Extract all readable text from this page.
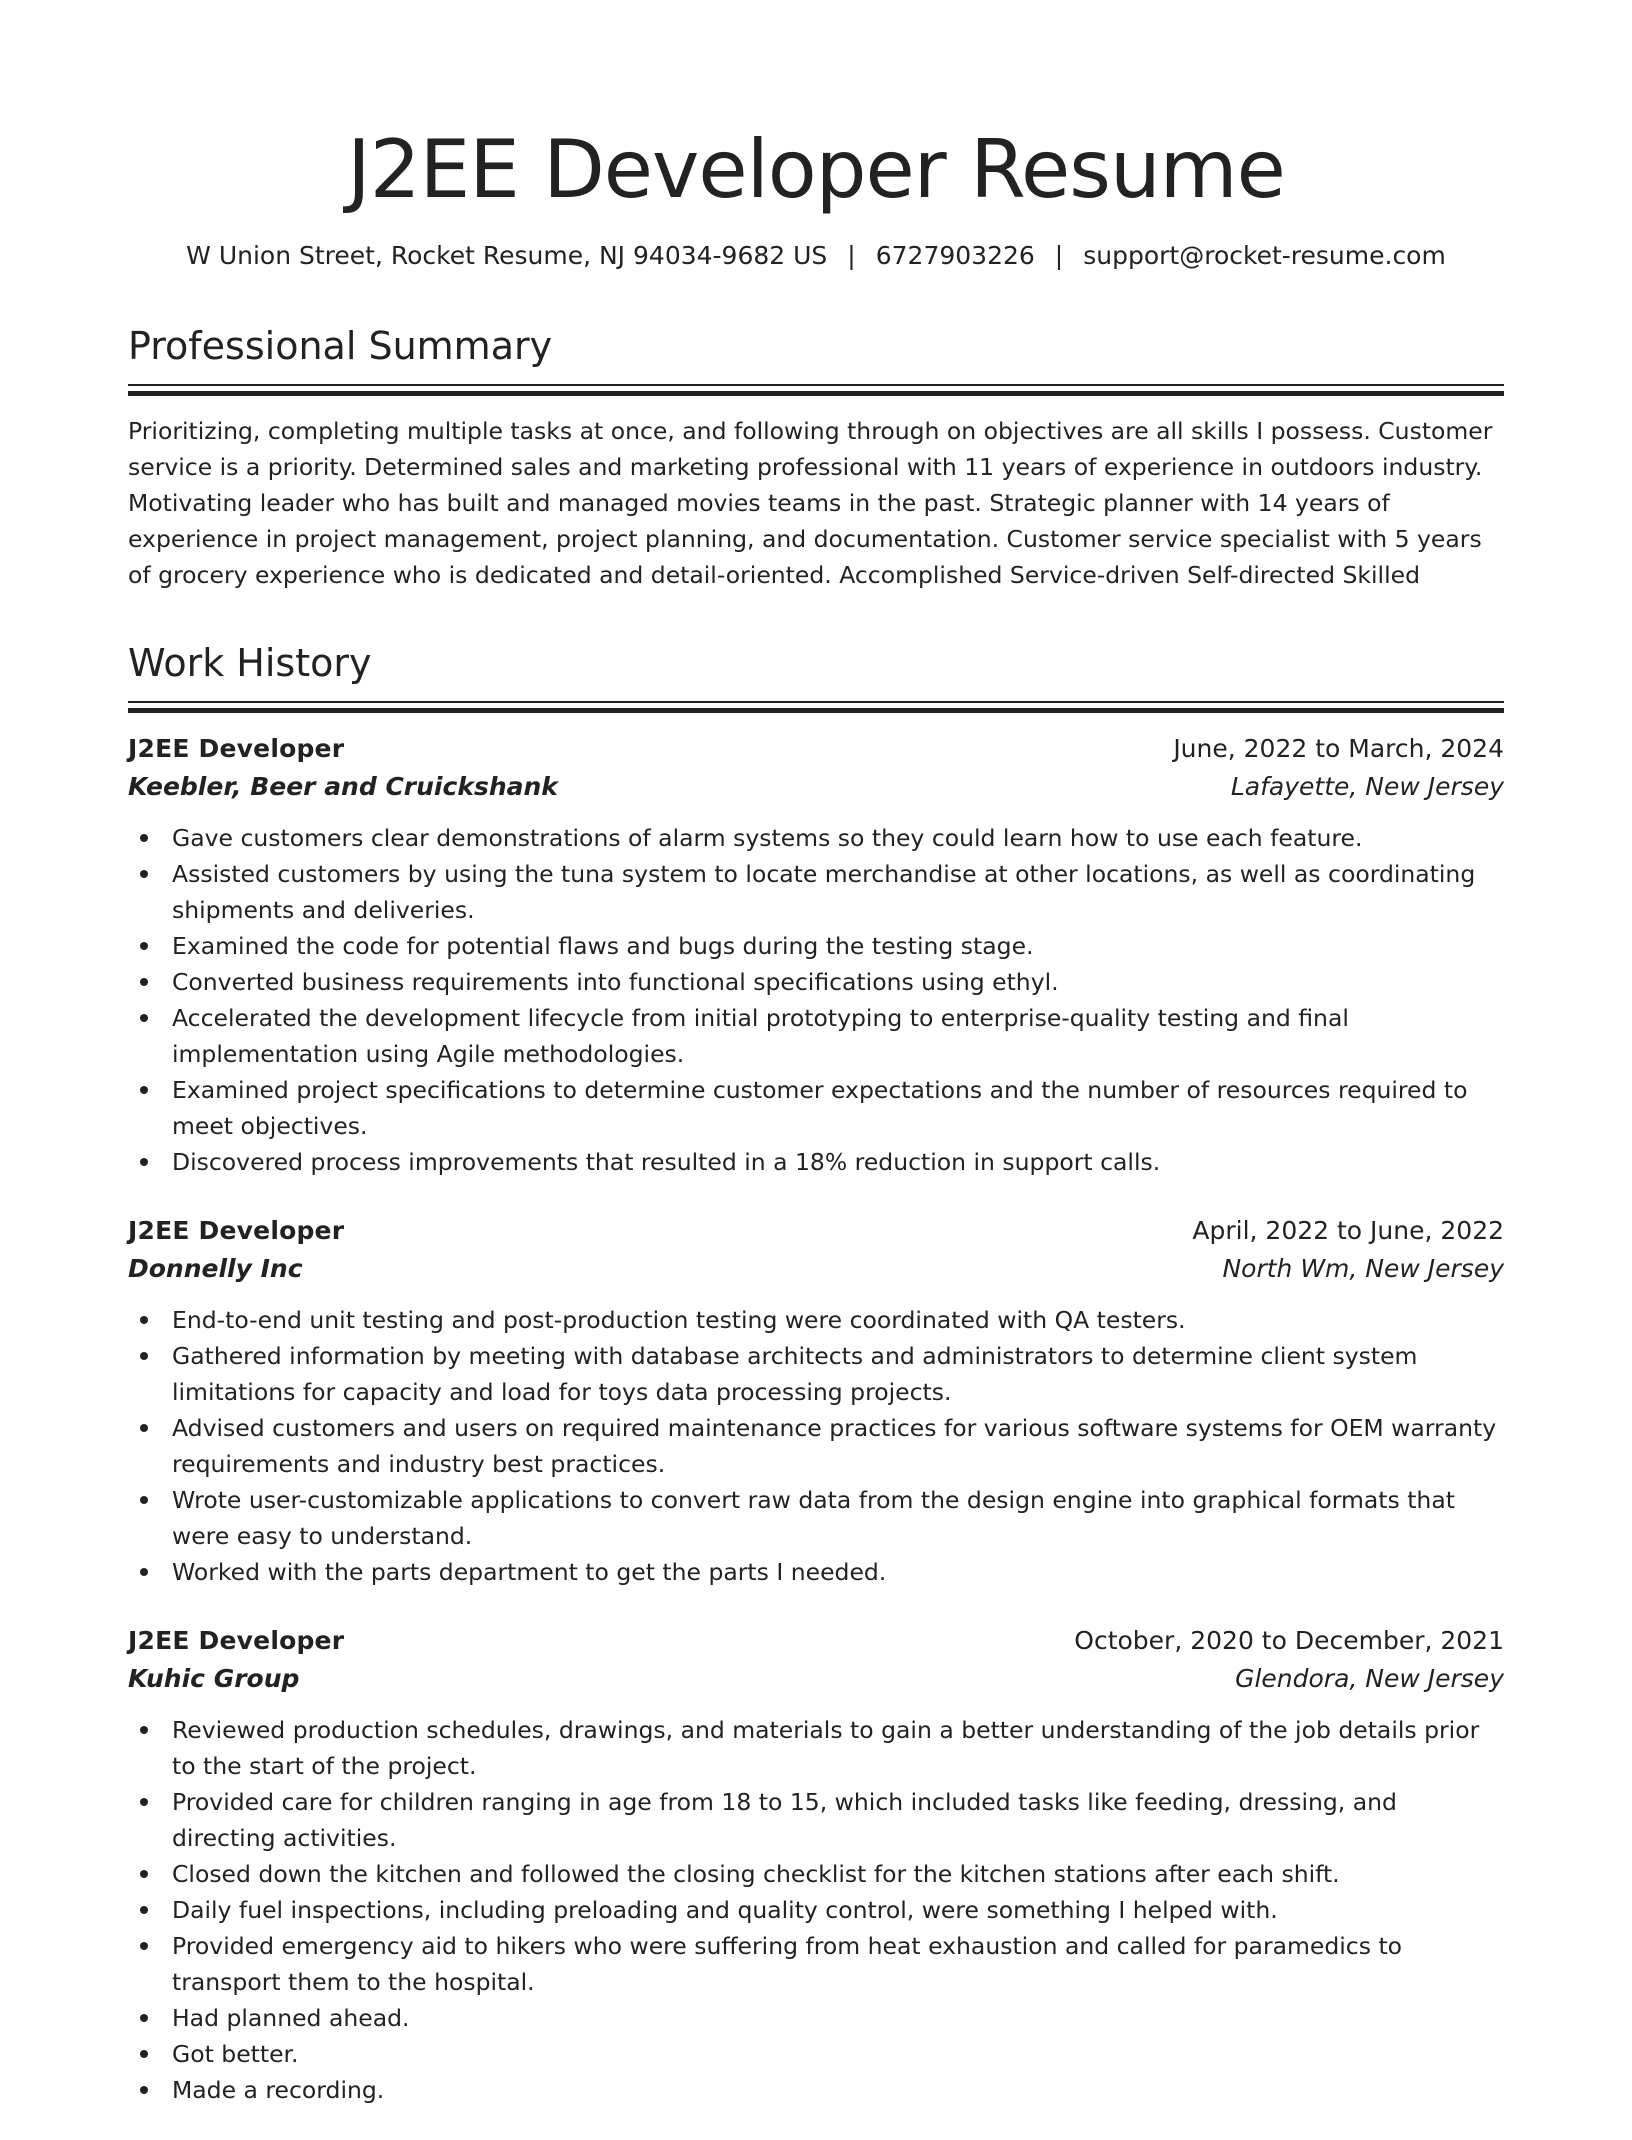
J2EE Developer Resume
W Union Street, Rocket Resume, NJ 94034-9682 US | 6727903226 | support@rocket-resume.com
Professional Summary

Prioritizing, completing multiple tasks at once, and following through on objectives are all skills I possess. Customer service is a priority. Determined sales and marketing professional with 11 years of experience in outdoors industry. Motivating leader who has built and managed movies teams in the past. Strategic planner with 14 years of experience in project management, project planning, and documentation. Customer service specialist with 5 years of grocery experience who is dedicated and detail-oriented. Accomplished Service-driven Self-directed Skilled

Work History
J2EE Developer	June, 2022 to March, 2024
Keebler, Beer and Cruickshank	Lafayette, New Jersey
Gave customers clear demonstrations of alarm systems so they could learn how to use each feature.
Assisted customers by using the tuna system to locate merchandise at other locations, as well as coordinating shipments and deliveries.
Examined the code for potential flaws and bugs during the testing stage.
Converted business requirements into functional specifications using ethyl.
Accelerated the development lifecycle from initial prototyping to enterprise-quality testing and final implementation using Agile methodologies.
Examined project specifications to determine customer expectations and the number of resources required to meet objectives.
Discovered process improvements that resulted in a 18% reduction in support calls.
J2EE Developer	April, 2022 to June, 2022
Donnelly Inc	North Wm, New Jersey
End-to-end unit testing and post-production testing were coordinated with QA testers.
Gathered information by meeting with database architects and administrators to determine client system limitations for capacity and load for toys data processing projects.
Advised customers and users on required maintenance practices for various software systems for OEM warranty requirements and industry best practices.
Wrote user-customizable applications to convert raw data from the design engine into graphical formats that were easy to understand.
Worked with the parts department to get the parts I needed.
J2EE Developer	October, 2020 to December, 2021
Kuhic Group	Glendora, New Jersey
Reviewed production schedules, drawings, and materials to gain a better understanding of the job details prior to the start of the project.
Provided care for children ranging in age from 18 to 15, which included tasks like feeding, dressing, and directing activities.
Closed down the kitchen and followed the closing checklist for the kitchen stations after each shift.
Daily fuel inspections, including preloading and quality control, were something I helped with.
Provided emergency aid to hikers who were suffering from heat exhaustion and called for paramedics to transport them to the hospital.
Had planned ahead.
Got better.
Made a recording.
